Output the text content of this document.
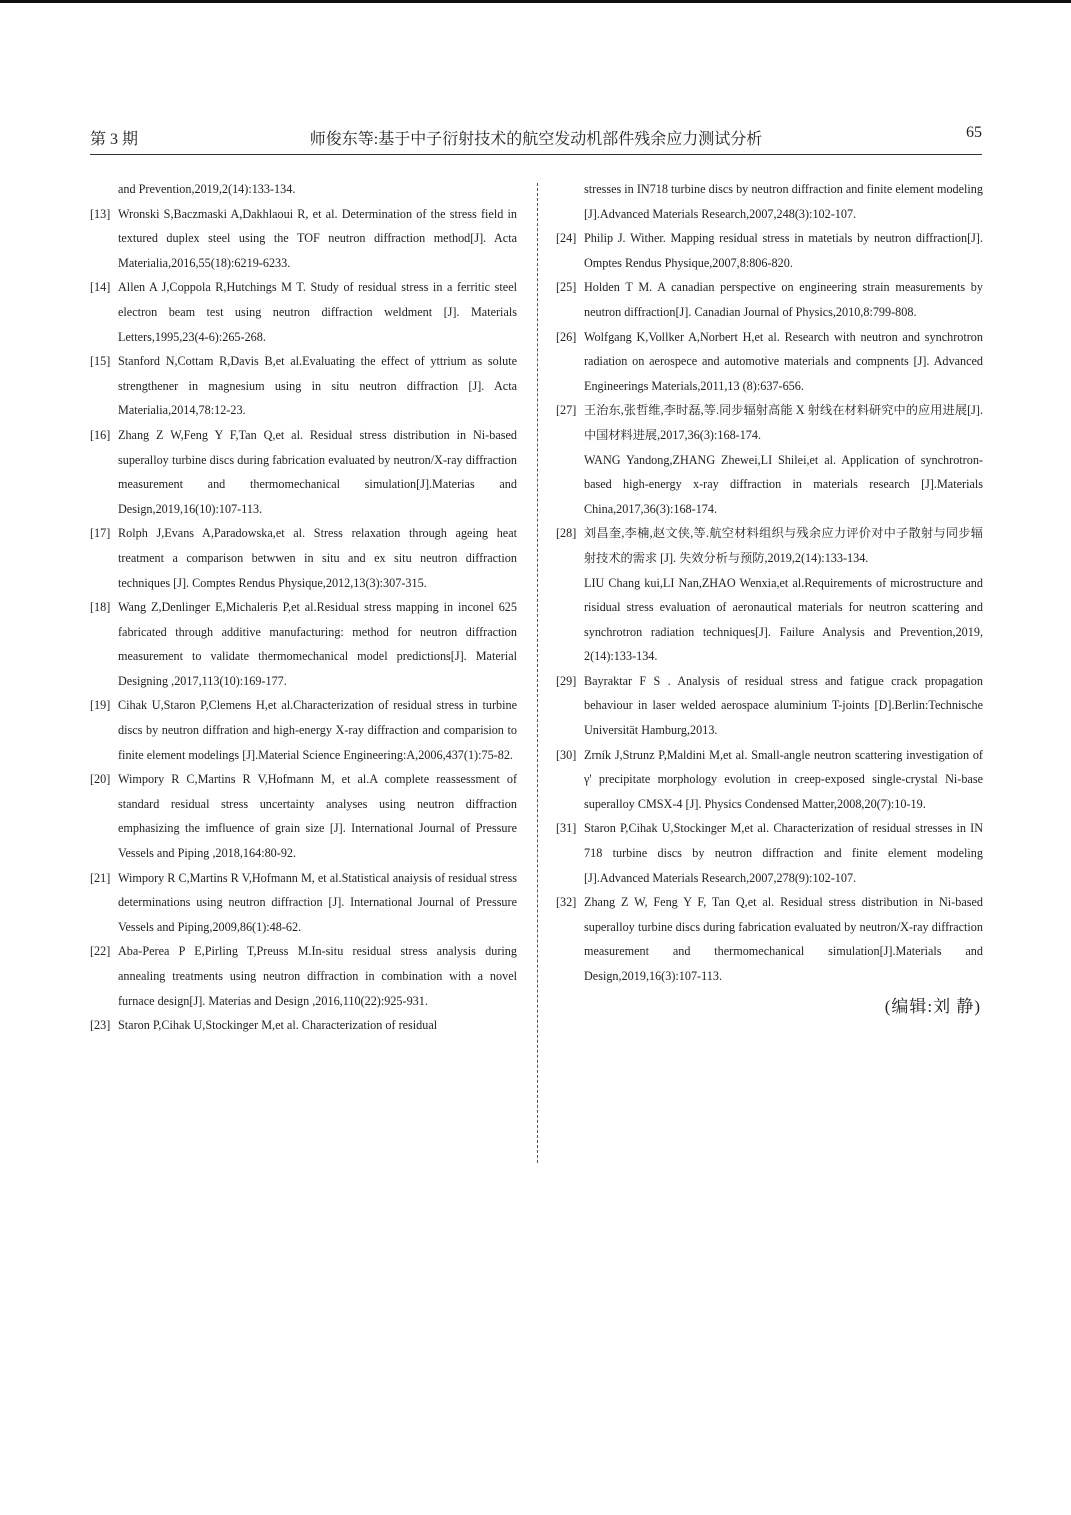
第 3 期	师俊东等:基于中子衍射技术的航空发动机部件残余应力测试分析	65

and Prevention,2019,2(14):133-134.

[13] Wronski S,Baczmaski A,Dakhlaoui R, et al. Determination of the stress field in textured duplex steel using the TOF neutron diffraction method[J]. Acta Materialia,2016,55(18):6219-6233.
[14] Allen A J,Coppola R,Hutchings M T. Study of residual stress in a ferritic steel electron beam test using neutron diffraction weldment [J]. Materials Letters,1995,23(4-6):265-268.
[15] Stanford N,Cottam R,Davis B,et al.Evaluating the effect of yttrium as solute strengthener in magnesium using in situ neutron diffraction [J]. Acta Materialia,2014,78:12-23.
[16] Zhang Z W,Feng Y F,Tan Q,et al. Residual stress distribution in Ni-based superalloy turbine discs during fabrication evaluated by neutron/X-ray diffraction measurement and thermomechanical simulation[J].Materias and Design,2019,16(10):107-113.
[17] Rolph J,Evans A,Paradowska,et al. Stress relaxation through ageing heat treatment a comparison betwwen in situ and ex situ neutron diffraction techniques [J]. Comptes Rendus Physique,2012,13(3):307-315.
[18] Wang Z,Denlinger E,Michaleris P,et al.Residual stress mapping in inconel 625 fabricated through additive manufacturing: method for neutron diffraction measurement to validate thermomechanical model predictions[J]. Material Designing ,2017,113(10):169-177.
[19] Cihak U,Staron P,Clemens H,et al.Characterization of residual stress in turbine discs by neutron diffration and high-energy X-ray diffraction and comparision to finite element modelings [J].Material Science Engineering:A,2006,437(1):75-82.
[20] Wimpory R C,Martins R V,Hofmann M, et al.A complete reassessment of standard residual stress uncertainty analyses using neutron diffraction emphasizing the imfluence of grain size [J]. International Journal of Pressure Vessels and Piping ,2018,164:80-92.
[21] Wimpory R C,Martins R V,Hofmann M, et al.Statistical anaiysis of residual stress determinations using neutron diffraction [J]. International Journal of Pressure Vessels and Piping,2009,86(1):48-62.
[22] Aba-Perea P E,Pirling T,Preuss M.In-situ residual stress analysis during annealing treatments using neutron diffraction in combination with a novel furnace design[J]. Materias and Design ,2016,110(22):925-931.
[23] Staron P,Cihak U,Stockinger M,et al. Characterization of residual

stresses in IN718 turbine discs by neutron diffraction and finite element modeling [J].Advanced Materials Research,2007,248(3):102-107.

[24] Philip J. Wither. Mapping residual stress in matetials by neutron diffraction[J]. Omptes Rendus Physique,2007,8:806-820.
[25] Holden T M. A canadian perspective on engineering strain measurements by neutron diffraction[J]. Canadian Journal of Physics,2010,8:799-808.
[26] Wolfgang K,Vollker A,Norbert H,et al. Research with neutron and synchrotron radiation on aerospece and automotive materials and compnents [J]. Advanced Engineerings Materials,2011,13 (8):637-656.
[27] 王治东,张哲维,李时磊,等.同步辐射高能 X 射线在材料研究中的应用进展[J].中国材料进展,2017,36(3):168-174.
WANG Yandong,ZHANG Zhewei,LI Shilei,et al. Application of synchrotron-based high-energy x-ray diffraction in materials research [J].Materials China,2017,36(3):168-174.
[28] 刘昌奎,李楠,赵文侠,等.航空材料组织与残余应力评价对中子散射与同步辐射技术的需求 [J]. 失效分析与预防,2019,2(14):133-134.
LIU Chang kui,LI Nan,ZHAO Wenxia,et al.Requirements of microstructure and risidual stress evaluation of aeronautical materials for neutron scattering and synchrotron radiation techniques[J]. Failure Analysis and Prevention,2019, 2(14):133-134.
[29] Bayraktar F S . Analysis of residual stress and fatigue crack propagation behaviour in laser welded aerospace aluminium T-joints [D].Berlin:Technische Universität Hamburg,2013.
[30] Zrník J,Strunz P,Maldini M,et al. Small-angle neutron scattering investigation of γ' precipitate morphology evolution in creep-exposed single-crystal Ni-base superalloy CMSX-4 [J]. Physics Condensed Matter,2008,20(7):10-19.
[31] Staron P,Cihak U,Stockinger M,et al. Characterization of residual stresses in IN 718 turbine discs by neutron diffraction and finite element modeling [J].Advanced Materials Research,2007,278(9):102-107.
[32] Zhang Z W, Feng Y F, Tan Q,et al. Residual stress distribution in Ni-based superalloy turbine discs during fabrication evaluated by neutron/X-ray diffraction measurement and thermomechanical simulation[J].Materials and Design,2019,16(3):107-113.
(编辑:刘 静)
